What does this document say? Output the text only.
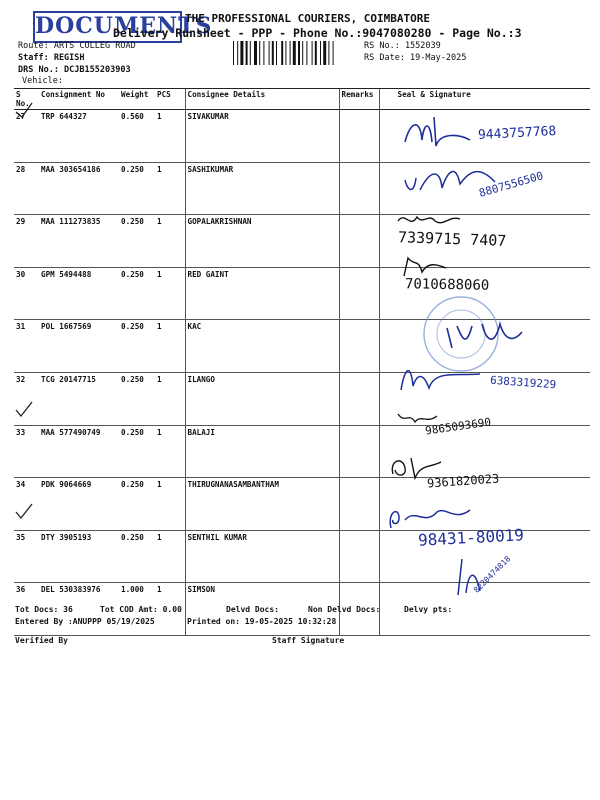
DOCUMENTS
THE PROFESSIONAL COURIERS, COIMBATORE
Delivery Runsheet - PPP - Phone No.:9047080280 - Page No.:3
Route: ARTS COLLEG ROAD
Staff: REGISH
DRS No.: DCJB155203903
Vehicle:
RS No.: 1552039
RS Date: 19-May-2025
S No.	Consignment No	Weight	PCS	Consignee Details	Remarks	Seal & Signature
27	TRP 644327	0.560	1	SIVAKUMAR		
28	MAA 303654186	0.250	1	SASHIKUMAR		
29	MAA 111273835	0.250	1	GOPALAKRISHNAN		
30	GPM 5494488	0.250	1	RED GAINT		
31	POL 1667569	0.250	1	KAC		
32	TCG 20147715	0.250	1	ILANGO		
33	MAA 577490749	0.250	1	BALAJI		
34	PDK 9064669	0.250	1	THIRUGNANASAMBANTHAM		
35	DTY 3905193	0.250	1	SENTHIL KUMAR		
36	DEL 530383976	1.000	1	SIMSON		
9443757768
8807556500
7339715 7407
7010688060
6383319229
9865093690
9361820023
98431-80019
8220474818
Tot Docs: 36	Tot COD Amt: 0.00	Delvd Docs:	Non Delvd Docs:	Delvy pts:
Entered By :ANUPPP 05/19/2025	Printed on: 19-05-2025 10:32:28
Verified By	Staff Signature
